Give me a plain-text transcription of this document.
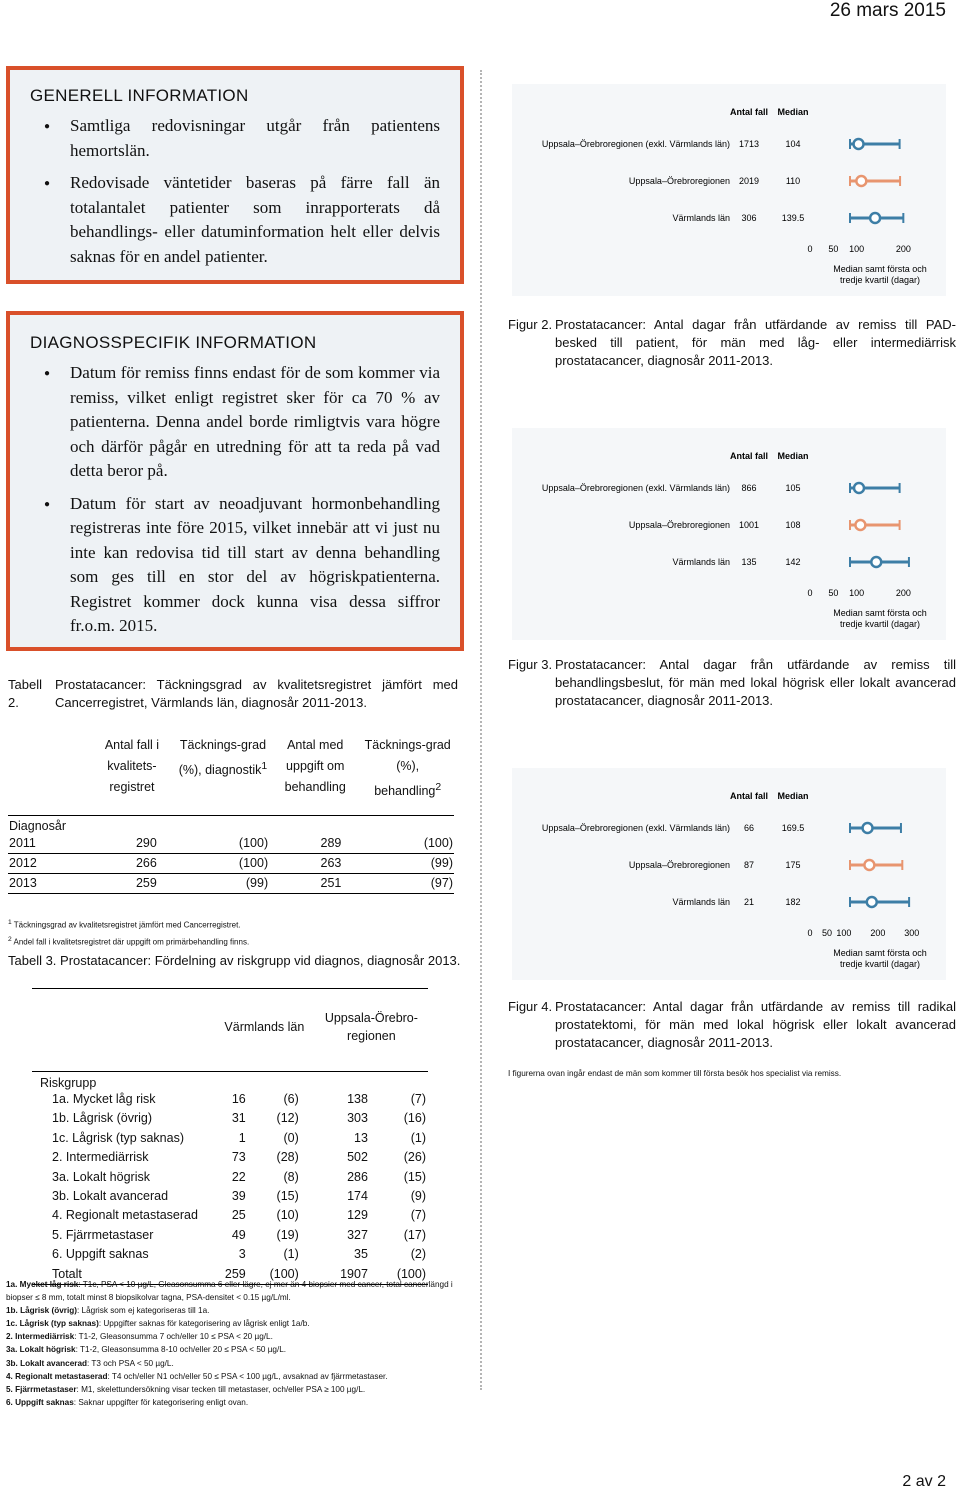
26 mars 2015
GENERELL INFORMATION
● Samtliga redovisningar utgår från patientens hemortslän.
● Redovisade väntetider baseras på färre fall än totalantalet patienter som inrapporterats då behandlings- eller datuminformation helt eller delvis saknas för en andel patienter.
DIAGNOSSPECIFIK INFORMATION
● Datum för remiss finns endast för de som kommer via remiss, vilket enligt registret sker för ca 70 % av patienterna. Denna andel borde rimligtvis vara högre och därför pågår en utredning för att ta reda på vad detta beror på.
● Datum för start av neoadjuvant hormonbehandling registreras inte före 2015, vilket innebär att vi just nu inte kan redovisa tid till start av denna behandling som ges till en stor del av högriskpatienterna. Registret kommer dock kunna visa dessa siffror fr.o.m. 2015.
Tabell 2.
Prostatacancer: Täckningsgrad av kvalitetsregistret jämfört med Cancerregistret, Värmlands län, diagnosår 2011-2013.
	Antal fall i kvalitets-registret	Täcknings-grad (%), diagnostik$^1$	Antal med uppgift om behandling	Täcknings-grad (%), behandling$^2$

Diagnosår				
2011	290	(100)	289	(100)
2012	266	(100)	263	(99)
2013	259	(99)	251	(97)
$^1$ Täckningsgrad av kvalitetsregistret jämfört med Cancerregistret.
$^2$ Andel fall i kvalitetsregistret där uppgift om primärbehandling finns.
Tabell 3. Prostatacancer: Fördelning av riskgrupp vid diagnos, diagnosår 2013.
	Värmlands län		Uppsala-Örebro-regionen	

Riskgrupp				
1a. Mycket låg risk	16	(6)	138	(7)
1b. Lågrisk (övrig)	31	(12)	303	(16)
1c. Lågrisk (typ saknas)	1	(0)	13	(1)
2. Intermediärrisk	73	(28)	502	(26)
3a. Lokalt högrisk	22	(8)	286	(15)
3b. Lokalt avancerad	39	(15)	174	(9)
4. Regionalt metastaserad	25	(10)	129	(7)
5. Fjärrmetastaser	49	(19)	327	(17)
6. Uppgift saknas	3	(1)	35	(2)
Totalt	259	(100)	1907	(100)
1a. Mycket låg risk: T1c, PSA < 10 µg/L, Gleasonsumma 6 eller lägre, ej mer än 4 biopsier med cancer, total cancerlängd i biopser ≤ 8 mm, totalt minst 8 biopsikolvar tagna, PSA-densitet < 0.15 µg/L/ml.
1b. Lågrisk (övrig): Lågrisk som ej kategoriseras till 1a.
1c. Lågrisk (typ saknas): Uppgifter saknas för kategorisering av lågrisk enligt 1a/b.
2. Intermediärrisk: T1-2, Gleasonsumma 7 och/eller 10 ≤ PSA < 20 µg/L.
3a. Lokalt högrisk: T1-2, Gleasonsumma 8-10 och/eller 20 ≤ PSA < 50 µg/L.
3b. Lokalt avancerad: T3 och PSA < 50 µg/L.
4. Regionalt metastaserad: T4 och/eller N1 och/eller 50 ≤ PSA < 100 µg/L, avsaknad av fjärrmetastaser.
5. Fjärrmetastaser: M1, skelettundersökning visar tecken till metastaser, och/eller PSA ≥ 100 µg/L.
6. Uppgift saknas: Saknar uppgifter för kategorisering enligt ovan.
Antal fall Median
Uppsala–Örebroregionen (exkl. Värmlands län) 1713	104
Uppsala–Örebroregionen 2019	110
Värmlands län 306	139.5
0 50 100	200
Median samt första och tredje kvartil (dagar)
Figur 2. Prostatacancer: Antal dagar från utfärdande av remiss till PAD-besked till patient, för män med låg- eller intermediärrisk prostatacancer, diagnosår 2011-2013.
Antal fall Median
Uppsala–Örebroregionen (exkl. Värmlands län) 866	105
Uppsala–Örebroregionen 1001	108
Värmlands län 135	142
0 50 100	200
Median samt första och tredje kvartil (dagar)
Figur 3. Prostatacancer: Antal dagar från utfärdande av remiss till behandlingsbeslut, för män med lokal högrisk eller lokalt avancerad prostatacancer, diagnosår 2011-2013.
Antal fall Median
Uppsala–Örebroregionen (exkl. Värmlands län) 66	169.5
Uppsala–Örebroregionen 87	175
Värmlands län 21	182
0 50 100 200 300
Median samt första och tredje kvartil (dagar)
Figur 4. Prostatacancer: Antal dagar från utfärdande av remiss till radikal prostatektomi, för män med lokal högrisk eller lokalt avancerad prostatacancer, diagnosår 2011-2013.
I figurerna ovan ingår endast de män som kommer till första besök hos specialist via remiss.
2 av 2
